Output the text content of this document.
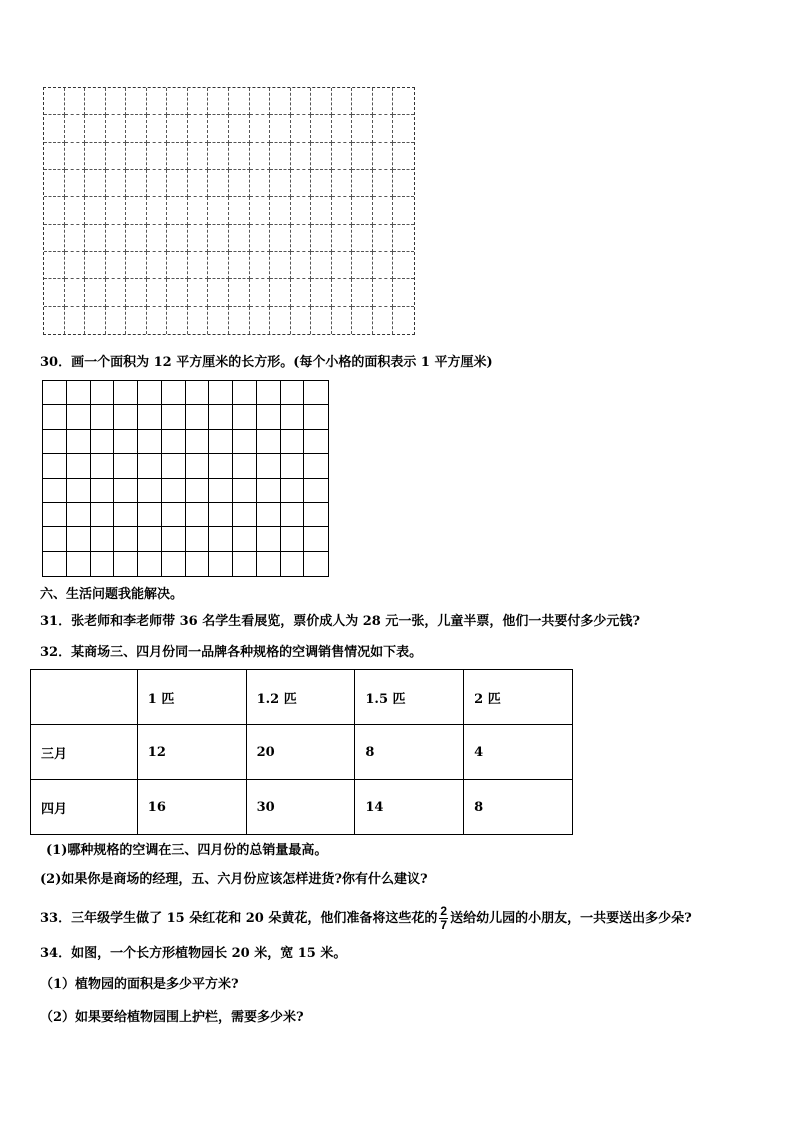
30．画一个面积为 12 平方厘米的长方形。(每个小格的面积表示 1 平方厘米)
六、生活问题我能解决。
31．张老师和李老师带 36 名学生看展览，票价成人为 28 元一张，儿童半票，他们一共要付多少元钱?
32．某商场三、四月份同一品牌各种规格的空调销售情况如下表。
	1 匹	1.2 匹	1.5 匹	2 匹
三月	12	20	8	4
四月	16	30	14	8
(1)哪种规格的空调在三、四月份的总销量最高。
(2)如果你是商场的经理，五、六月份应该怎样进货?你有什么建议?
33．三年级学生做了 15 朵红花和 20 朵黄花，他们准备将这些花的 $\frac{2}{7}$ 送给幼儿园的小朋友，一共要送出多少朵?
34．如图，一个长方形植物园长 20 米，宽 15 米。
（1）植物园的面积是多少平方米?
（2）如果要给植物园围上护栏，需要多少米?
